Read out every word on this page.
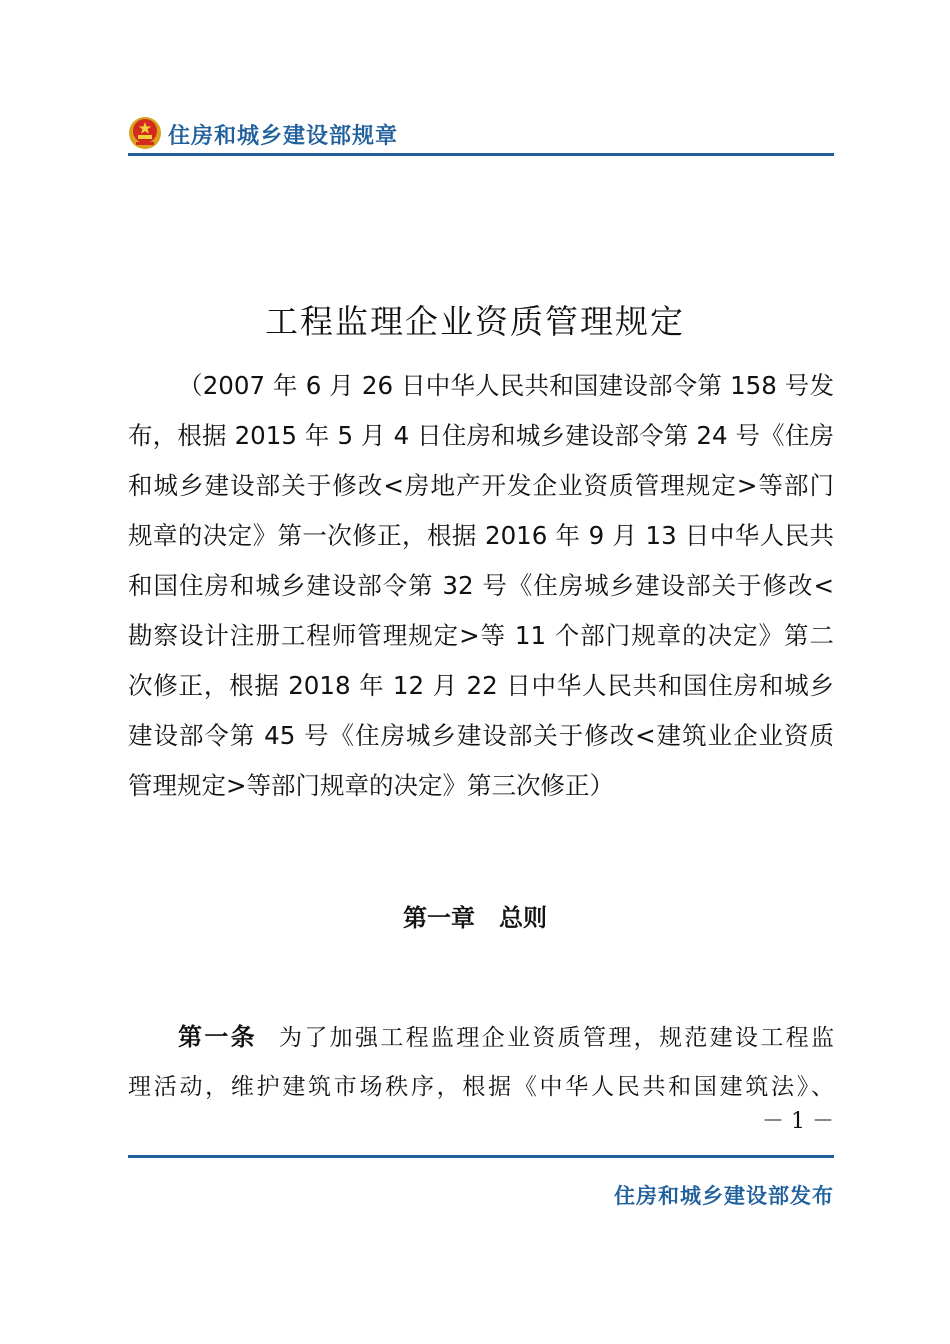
住房和城乡建设部规章
工程监理企业资质管理规定
（2007 年 6 月 26 日中华人民共和国建设部令第 158 号发
布，根据 2015 年 5 月 4 日住房和城乡建设部令第 24 号《住房
和城乡建设部关于修改<房地产开发企业资质管理规定>等部门
规章的决定》第一次修正，根据 2016 年 9 月 13 日中华人民共
和国住房和城乡建设部令第 32 号《住房城乡建设部关于修改<
勘察设计注册工程师管理规定>等 11 个部门规章的决定》第二
次修正，根据 2018 年 12 月 22 日中华人民共和国住房和城乡
建设部令第 45 号《住房城乡建设部关于修改<建筑业企业资质
管理规定>等部门规章的决定》第三次修正）
第一章　总则
第一条 为了加强工程监理企业资质管理，规范建设工程监
理活动，维护建筑市场秩序，根据《中华人民共和国建筑法》、
－ 1 －
住房和城乡建设部发布
